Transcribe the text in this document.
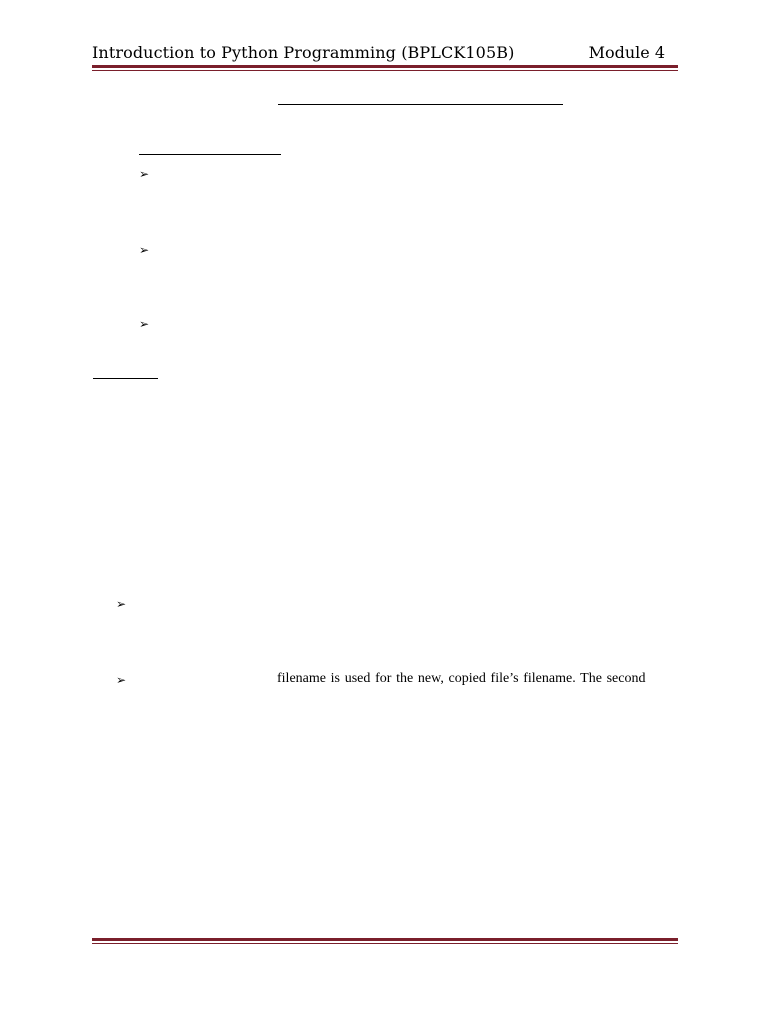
Introduction to Python Programming (BPLCK105B)	Module 4
➢
➢
➢
➢
➢	filename is used for the new, copied file’s filename. The second
